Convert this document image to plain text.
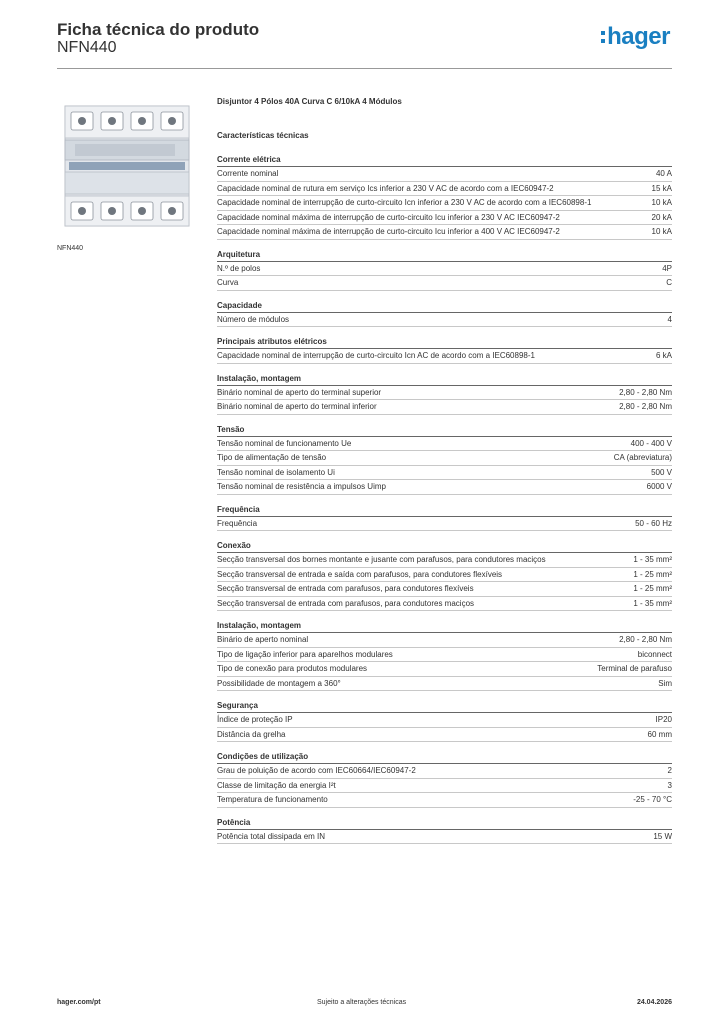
Ficha técnica do produto
NFN440	hager
NFN440
Disjuntor 4 Pólos 40A Curva C 6/10kA 4 Módulos
Características técnicas
Corrente elétrica
Corrente nominal	40 A
Capacidade nominal de rutura em serviço Ics inferior a 230 V AC de acordo com a IEC60947-2	15 kA
Capacidade nominal de interrupção de curto-circuito Icn inferior a 230 V AC de acordo com a IEC60898-1	10 kA
Capacidade nominal máxima de interrupção de curto-circuito Icu inferior a 230 V AC IEC60947-2	20 kA
Capacidade nominal máxima de interrupção de curto-circuito Icu inferior a 400 V AC IEC60947-2	10 kA
Arquitetura
N.º de polos	4P
Curva	C
Capacidade
Número de módulos	4
Principais atributos elétricos
Capacidade nominal de interrupção de curto-circuito Icn AC de acordo com a IEC60898-1	6 kA
Instalação, montagem
Binário nominal de aperto do terminal superior	2,80 - 2,80 Nm
Binário nominal de aperto do terminal inferior	2,80 - 2,80 Nm
Tensão
Tensão nominal de funcionamento Ue	400 - 400 V
Tipo de alimentação de tensão	CA (abreviatura)
Tensão nominal de isolamento Ui	500 V
Tensão nominal de resistência a impulsos Uimp	6000 V
Frequência
Frequência	50 - 60 Hz
Conexão
Secção transversal dos bornes montante e jusante com parafusos, para condutores maciços	1 - 35 mm²
Secção transversal de entrada e saída com parafusos, para condutores flexíveis	1 - 25 mm²
Secção transversal de entrada com parafusos, para condutores flexíveis	1 - 25 mm²
Secção transversal de entrada com parafusos, para condutores maciços	1 - 35 mm²
Instalação, montagem
Binário de aperto nominal	2,80 - 2,80 Nm
Tipo de ligação inferior para aparelhos modulares	biconnect
Tipo de conexão para produtos modulares	Terminal de parafuso
Possibilidade de montagem a 360°	Sim
Segurança
Índice de proteção IP	IP20
Distância da grelha	60 mm
Condições de utilização
Grau de poluição de acordo com IEC60664/IEC60947-2	2
Classe de limitação da energia I²t	3
Temperatura de funcionamento	-25 - 70 °C
Potência
Potência total dissipada em IN	15 W
hager.com/pt	Sujeito a alterações técnicas	24.04.2026
